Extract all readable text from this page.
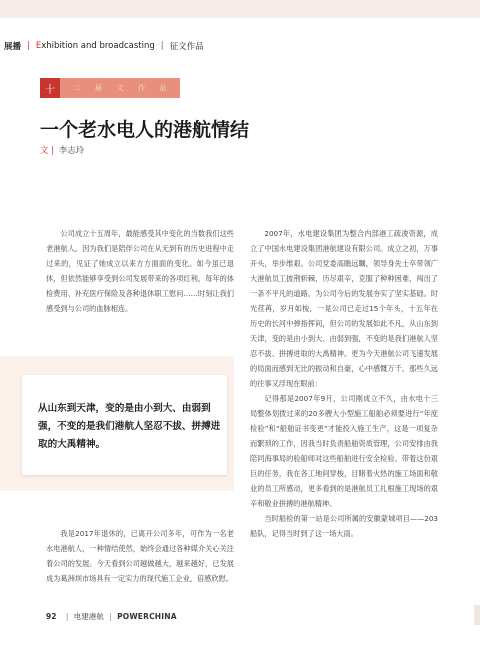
展播 | Exhibition and broadcasting | 征文作品
十	二 届 文 作 品
一个老水电人的港航情结
文 | 李志玲

公司成立十五周年，最能感受其中变化的当数我们这些老港航人。因为我们是陪伴公司在从无到有的历史进程中走过来的，见证了她成立以来方方面面的变化。如今虽已退休，但依然能够享受到公司发展带来的各项红利，每年的体检费用、补充医疗保险及各种退休职工慰问……时刻让我们感受到与公司的血脉相连。

从山东到天津，变的是由小到大、由弱到强，不变的是我们港航人坚忍不拔、拼搏进取的大禹精神。

我是2017年退休的，已离开公司多年，可作为一名老水电港航人，一种情结使然，始终会通过各种媒介关心关注着公司的发展。今天看到公司越做越大，越来越好，已发展成为葛洲坝市场具有一定实力的现代施工企业，倍感欣慰。

2007年，水电建设集团为整合内部港工疏浚资源，成立了中国水电建设集团港航建设有限公司。成立之初，万事开头，举步维艰。公司党委高瞻远瞩，领导身先士卒带领广大港航员工披荆斩棘，历尽艰辛，克服了种种困难，闯出了一条不平凡的道路，为公司今后的发展夯实了坚实基础。时光荏苒，岁月如梭，一晃公司已走过15个年头，十五年在历史的长河中弹指挥间，但公司的发展如此不凡，从山东到天津，变的是由小到大、由弱到强，不变的是我们港航人坚忍不拔、拼搏进取的大禹精神。更为今天港航公司飞速发展的局面而感到无比的振动和自豪，心中感慨万千，那些久远的往事又浮现在眼前：

记得那是2007年9月，公司刚成立不久，由水电十三局整体划拨过来的20多艘大小型施工船舶必须要进行“年度检验”和“船舶证书变更”才能投入施工生产，这是一项复杂而繁琐的工作，因我当时负责船舶资质管理，公司安排由我陪同海事局的验船师对这些船舶进行安全检验。带着这份艰巨的任务，我在各工地间穿梭，目睹着火热的施工场面和敬业的员工所感动，更多看到的是港航员工扎根施工现场的艰辛和敬业拼搏的港航精神。

当时船检的第一站是公司所属的安徽蒙城项目——203船队，记得当时到了这一场大雨。

92 | 电建港航 | POWERCHINA
